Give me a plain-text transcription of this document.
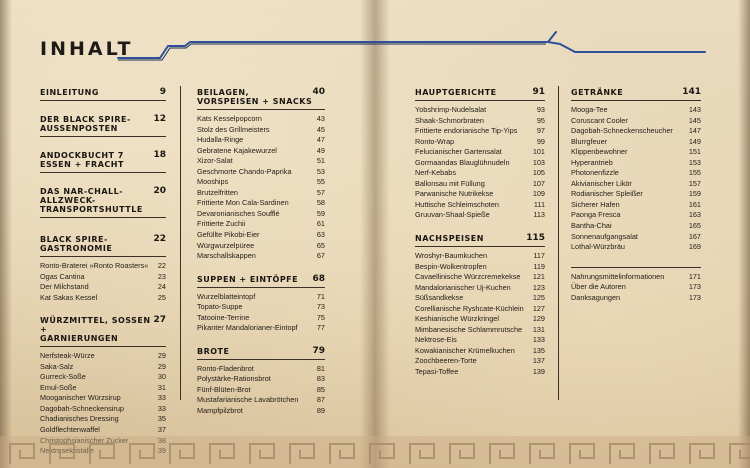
INHALT
EINLEITUNG	9
DER BLACK SPIRE-
AUSSENPOSTEN
12
ANDOCKBUCHT 7
ESSEN + FRACHT
18
DAS NAR-CHALL-
ALLZWECK-
TRANSPORTSHUTTLE
20
BLACK SPIRE-
GASTRONOMIE
22
Ronto-Braterei »Ronto Roasters« 22
Ogas Cantina	23
Der Milchstand	24
Kat Sakas Kessel	25
WÜRZMITTEL, SOSSEN +
GARNIERUNGEN
27
Nerfsteak-Würze	29
Saka-Salz	29
Gurreck-Soße	30
Emul-Soße	31
Mooganischer Würzsirup	33
Dagobah-Schneckensirup	33
Chadianisches Dressing	35
Goldflechtenwaffel	37
Christophsianischer Zucker	38
Nektrosekristalle	39
BEILAGEN,
VORSPEISEN + SNACKS
40
Kats Kesselpopcorn	43
Stolz des Grillmeisters	45
Hudalla-Ringe	47
Gebratene Kajakewurzel	49
Xizor-Salat	51
Geschmorte Chando-Paprika	53
Mooships	55
Brutzelfritten	57
Frittierte Mon Cala-Sardinen	58
Devaronianisches Soufflé	59
Frittierte Zuchii	61
Gefüllte Pikobi-Eier	63
Würgwurzelpüree	65
Marschallskappen	67
SUPPEN + EINTÖPFE 68
Wurzelblatteintopf	71
Topato-Suppe	73
Tatooine-Terrine	75
Pikanter Mandalorianer-Eintopf	77
BROTE	79
Ronto-Fladenbrot	81
Polystärke-Rationsbrot	83
Fünf-Blüten-Brot	85
Mustafarianische Lavabrötchen	87
Mampfpilzbrot	89
HAUPTGERICHTE	91
Yobshrimp-Nudelsalat	93
Shaak-Schmorbraten	95
Frittierte endorianische Tip-Yips	97
Ronto-Wrap	99
Felucianischer Gartensalat	101
Gormaandas Blauglühnudeln	103
Nerf-Kebabs	105
Ballonsau mit Füllung	107
Parwanische Nutrikekse	109
Huttische Schleimschoten	111
Gruuvan-Shaal-Spieße	113
NACHSPEISEN	115
Wroshyr-Baumkuchen	117
Bespin-Wolkentropfen	119
Cavaellinische Würzcremekekse 121
Mandalorianischer Uj-Kuchen	123
Süßsandkekse	125
Corellianische Ryshcate-Küchlein 127
Keshianische Würzkringel	129
Mimbanesische Schlammrutsche 131
Nektrose-Eis	133
Kowakianischer Krümelkuchen 135
Zoochbeeren-Torte	137
Tepasi-Toffee	139
GETRÄNKE	141
Mooga-Tee	143
Coruscant Cooler	145
Dagobah-Schneckenscheucher 147
Blurrgfeuer	149
Klippenbewohner	151
Hyperantrieb	153
Photonenfizzle	155
Akivianischer Likör	157
Rodianischer Spleißer	159
Sicherer Hafen	161
Paonga Fresca	163
Bantha-Chai	165
Sonnenaufgangsalat	167
Lothal-Würzbräu	169
Nahrungsmittelinformationen	171
Über die Autoren	173
Danksagungen	173
